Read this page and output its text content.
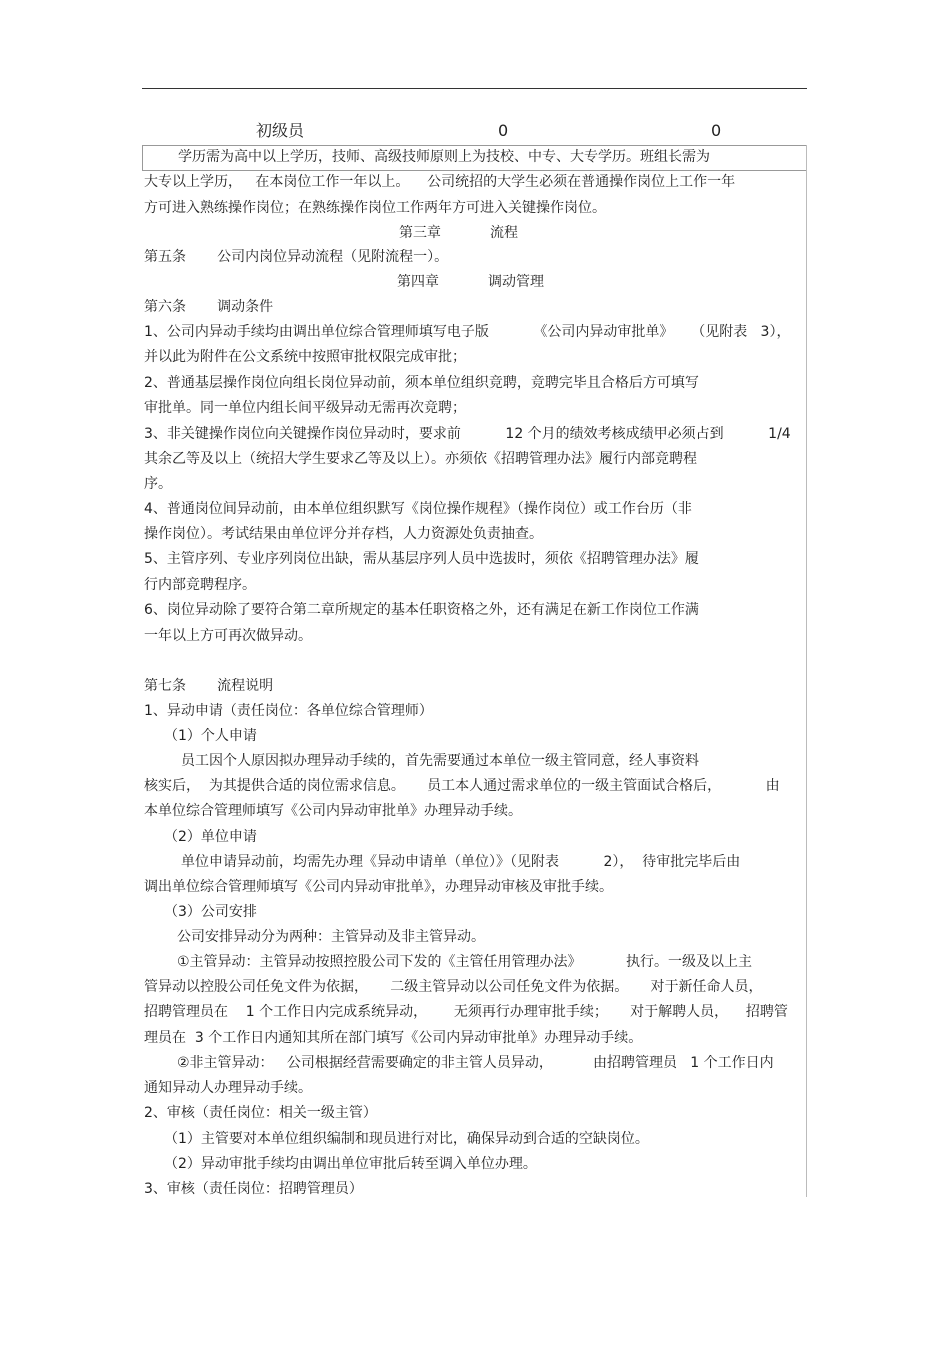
初级员	0	0
学历需为高中以上学历，技师、高级技师原则上为技校、中专、大专学历。班组长需为
大专以上学历，   在本岗位工作一年以上。    公司统招的大学生必须在普通操作岗位上工作一年
方可进入熟练操作岗位；在熟练操作岗位工作两年方可进入关键操作岗位。
第三章           流程
第五条       公司内岗位异动流程（见附流程一）。
第四章           调动管理
第六条       调动条件
1、公司内异动手续均由调出单位综合管理师填写电子版          《公司内异动审批单》    （见附表   3），
并以此为附件在公文系统中按照审批权限完成审批；
2、普通基层操作岗位向组长岗位异动前，须本单位组织竞聘，竞聘完毕且合格后方可填写
审批单。同一单位内组长间平级异动无需再次竞聘；
3、非关键操作岗位向关键操作岗位异动时，要求前          12 个月的绩效考核成绩甲必须占到          1/4
其余乙等及以上（统招大学生要求乙等及以上）。亦须依《招聘管理办法》履行内部竞聘程
序。
4、普通岗位间异动前，由本单位组织默写《岗位操作规程》（操作岗位）或工作台历（非
操作岗位）。考试结果由单位评分并存档，人力资源处负责抽查。
5、主管序列、专业序列岗位出缺，需从基层序列人员中选拔时，须依《招聘管理办法》履
行内部竞聘程序。
6、岗位异动除了要符合第二章所规定的基本任职资格之外，还有满足在新工作岗位工作满
一年以上方可再次做异动。
第七条       流程说明
1、异动申请（责任岗位：各单位综合管理师）
（1）个人申请
员工因个人原因拟办理异动手续的，首先需要通过本单位一级主管同意，经人事资料
核实后，  为其提供合适的岗位需求信息。     员工本人通过需求单位的一级主管面试合格后，          由
本单位综合管理师填写《公司内异动审批单》办理异动手续。
（2）单位申请
单位申请异动前，均需先办理《异动申请单（单位）》（见附表          2），  待审批完毕后由
调出单位综合管理师填写《公司内异动审批单》，办理异动审核及审批手续。
（3）公司安排
公司安排异动分为两种：主管异动及非主管异动。
①主管异动：主管异动按照控股公司下发的《主管任用管理办法》          执行。一级及以上主
管异动以控股公司任免文件为依据，     二级主管异动以公司任免文件为依据。     对于新任命人员，
招聘管理员在    1 个工作日内完成系统异动，      无须再行办理审批手续；     对于解聘人员，    招聘管
理员在  3 个工作日内通知其所在部门填写《公司内异动审批单》办理异动手续。
②非主管异动：   公司根据经营需要确定的非主管人员异动，         由招聘管理员   1 个工作日内
通知异动人办理异动手续。
2、审核（责任岗位：相关一级主管）
（1）主管要对本单位组织编制和现员进行对比，确保异动到合适的空缺岗位。
（2）异动审批手续均由调出单位审批后转至调入单位办理。
3、审核（责任岗位：招聘管理员）
